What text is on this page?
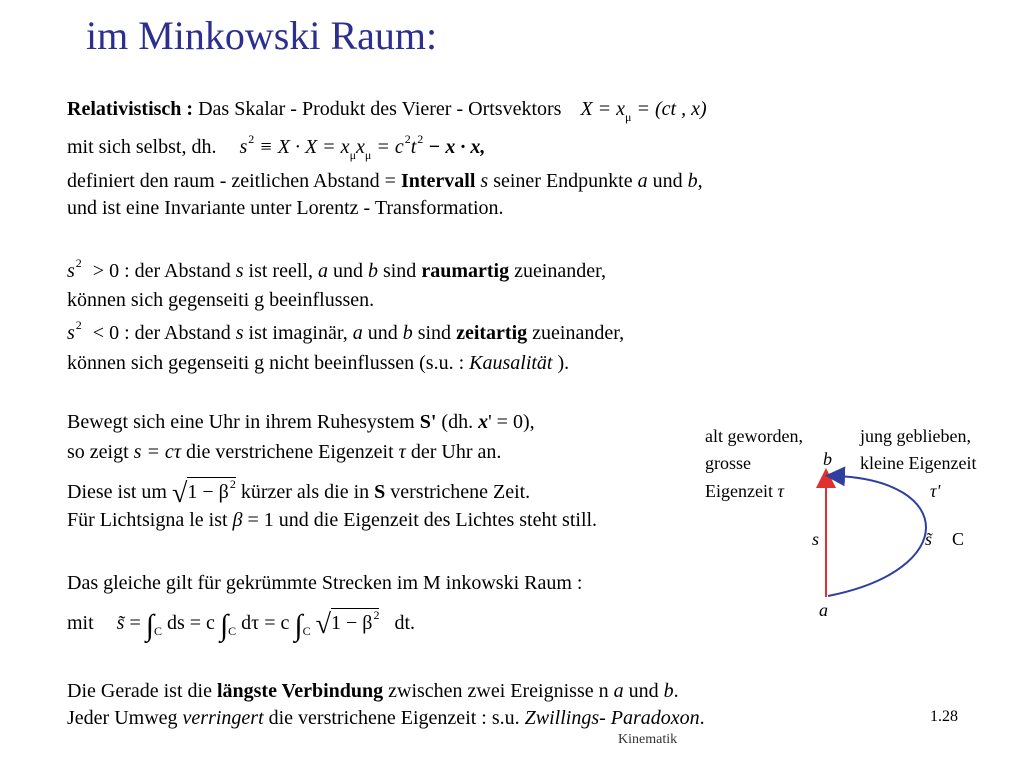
im Minkowski Raum:
Relativistisch : Das Skalar - Produkt des Vierer - Ortsvektors $X = x_\mu = (ct$ , x)
mit sich selbst, dh. $s^2 \equiv X \cdot X = x_\mu x_\mu = c^2t^2 - x \cdot x$,
definiert den raum - zeitlichen Abstand = Intervall s seiner Endpunkte a und b,
und ist eine Invariante unter Lorentz - Transformation.
$s^2 > 0$ : der Abstand s ist reell, a und b sind raumartig zueinander,
können sich gegenseiti g beeinflussen.
$s^2 < 0$ : der Abstand s ist imaginär, a und b sind zeitartig zueinander,
können sich gegenseiti g nicht beeinflussen (s.u. : Kausalität ).
Bewegt sich eine Uhr in ihrem Ruhesystem S' (dh. x' = 0),
so zeigt s = cτ die verstrichene Eigenzeit τ der Uhr an.
Diese ist um $√1 - \beta^2$ kürzer als die in S verstrichene Zeit.
Für Lichtsigna le ist β = 1 und die Eigenzeit des Lichtes steht still.
Das gleiche gilt für gekrümmte Strecken im M inkowski Raum :
mit s̃ = $\int_C$ ds = c $\int_C$ dτ = c $\int_C$ $√1 - \beta^2$ dt.
Die Gerade ist die längste Verbindung zwischen zwei Ereignisse n a und b.
Jeder Umweg verringert die verstrichene Eigenzeit : s.u. Zwillings- Paradoxon.
alt geworden,
grosse
Eigenzeit τ
jung geblieben,
kleine Eigenzeit
τ'
b
a
s	s̃ C
Kinematik
1.28
